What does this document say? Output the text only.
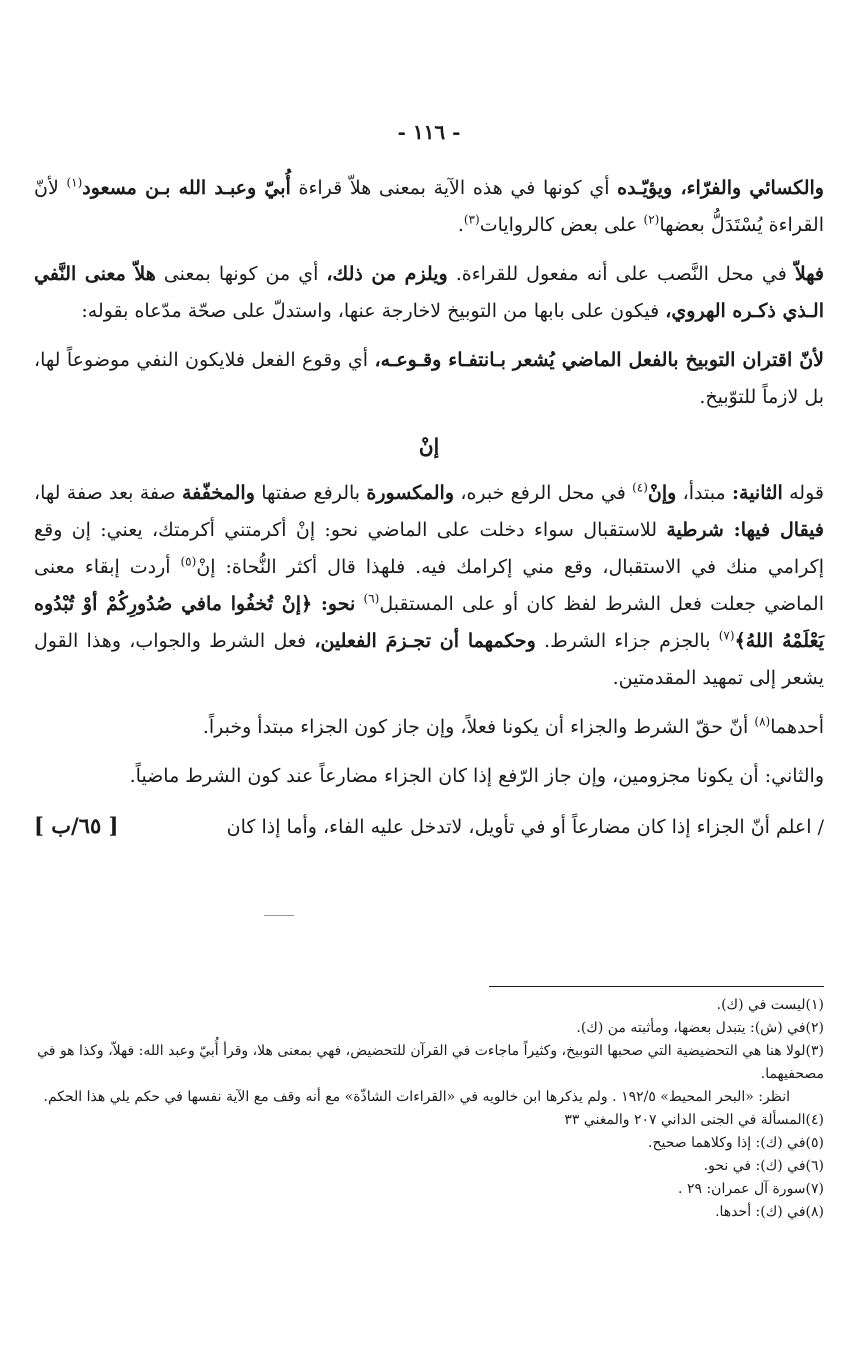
- ١١٦ -

والكسائي والفرّاء، ويؤيّـده أي كونها في هذه الآية بمعنى هلاّ قراءة أُبيّ وعبـد الله بـن مسعود$^{(١)}$ لأنّ القراءة يُسْتَدَلُّ بعضها$^{(٢)}$ على بعض كالروايات$^{(٣)}$.

فهلاّ في محل النَّصب على أنه مفعول للقراءة. ويلزم من ذلك، أي من كونها بمعنى هلاّ معنى النَّفي الـذي ذكـره الهروي، فيكون على بابها من التوبيخ لاخارجة عنها، واستدلّ على صحّة مدّعاه بقوله:

لأنّ اقتران التوبيخ بالفعل الماضي يُشعر بـانتفـاء وقـوعـه، أي وقوع الفعل فلايكون النفي موضوعاً لها، بل لازماً للتوّبيخ.

إنْ

قوله الثانية: مبتدأ، وإنْ$^{(٤)}$ في محل الرفع خبره، والمكسورة بالرفع صفتها والمخفّفة صفة بعد صفة لها، فيقال فيها: شرطية للاستقبال سواء دخلت على الماضي نحو: إنْ أكرمتني أكرمتك، يعني: إن وقع إكرامي منك في الاستقبال، وقع مني إكرامك فيه. فلهذا قال أكثر النُّحاة: إنْ$^{(٥)}$ أردت إبقاء معنى الماضي جعلت فعل الشرط لفظ كان أو على المستقبل$^{(٦)}$ نحو: ﴿إنْ تُخفُوا مافي صُدُورِكُمْ أوْ تُبْدُوه يَعْلَمْهُ اللهُ﴾$^{(٧)}$ بالجزم جزاء الشرط. وحكمهما أن تجـزمَ الفعلين، فعل الشرط والجواب، وهذا القول يشعر إلى تمهيد المقدمتين.

أحدهما$^{(٨)}$ أنّ حقّ الشرط والجزاء أن يكونا فعلاً، وإن جاز كون الجزاء مبتدأ وخبراً.

والثاني: أن يكونا مجزومين، وإن جاز الرّفع إذا كان الجزاء مضارعاً عند كون الشرط ماضياً.

/ اعلم أنّ الجزاء إذا كان مضارعاً أو في تأويل، لاتدخل عليه الفاء، وأما إذا كان
[ ٦٥/ب ]

(١)ليست في (ك).

(٢)في (ش): يتبدل بعضها، ومأثبته من (ك).

(٣)لولا هنا هي التحضيضية التي صحبها التوبيخ، وكثيراً ماجاءت في القرآن للتحضيض، فهي بمعنى هلا، وقرأ أُبيّ وعبد الله: فهلاّ، وكذا هو في مصحفيهما.

انظر: «البحر المحيط» ١٩٢/٥ . ولم يذكرها ابن خالويه في «القراءات الشاذّة» مع أنه وقف مع الآية نفسها في حكم يلي هذا الحكم.

(٤)المسألة في الجنى الداني ٢٠٧ والمغني ٣٣

(٥)في (ك): إذا وكلاهما صحيح.

(٦)في (ك): في نحو.

(٧)سورة آل عمران: ٢٩ .

(٨)في (ك): أحدها.
